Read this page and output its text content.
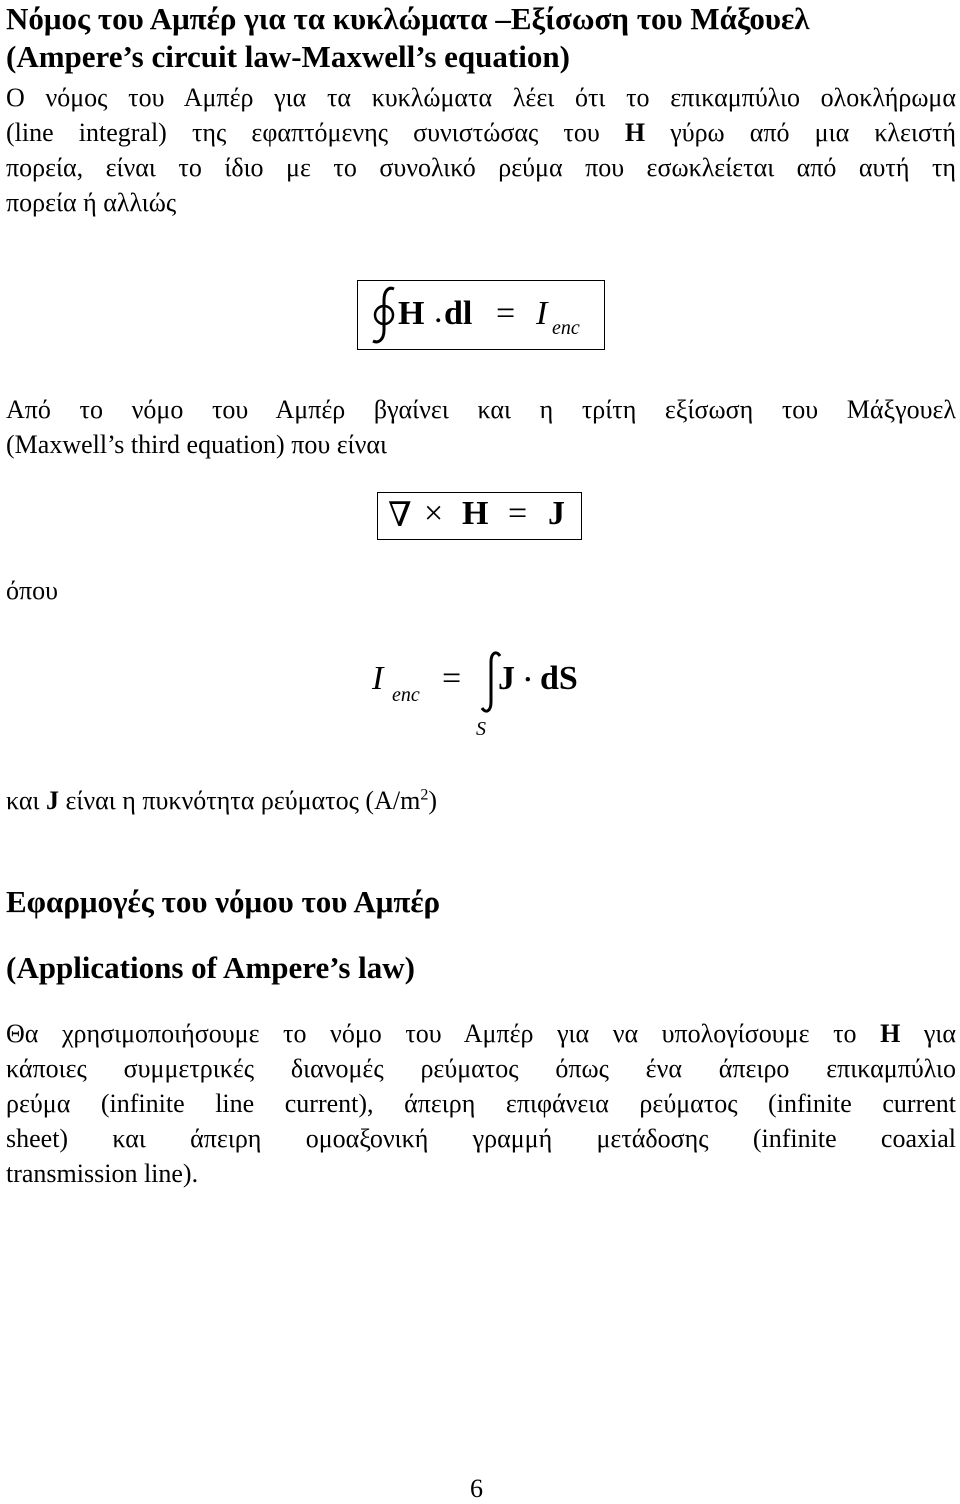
Νόμος του Αμπέρ για τα κυκλώματα –Εξίσωση του Μάξουελ
(Ampere’s circuit law-Maxwell’s equation)
Ο νόμος του Αμπέρ για τα κυκλώματα λέει ότι το επικαμπύλιο ολοκλήρωμα
(line integral) της εφαπτόμενης συνιστώσας του H γύρω από μια κλειστή
πορεία, είναι το ίδιο με το συνολικό ρεύμα που εσωκλείεται από αυτή τη
πορεία ή αλλιώς
H . dl = I enc
Από το νόμο του Αμπέρ βγαίνει και η τρίτη εξίσωση του Μάξγουελ
(Maxwell’s third equation) που είναι
∇ × H = J
όπου
I enc = J ⋅ dS
S
και J είναι η πυκνότητα ρεύματος $(A/m^2)$
Εφαρμογές του νόμου του Αμπέρ
(Applications of Ampere’s law)
Θα χρησιμοποιήσουμε το νόμο του Αμπέρ για να υπολογίσουμε το H για
κάποιες συμμετρικές διανομές ρεύματος όπως ένα άπειρο επικαμπύλιο
ρεύμα (infinite line current), άπειρη επιφάνεια ρεύματος (infinite current
sheet) και άπειρη ομοαξονική γραμμή μετάδοσης (infinite coaxial
transmission line).
6
